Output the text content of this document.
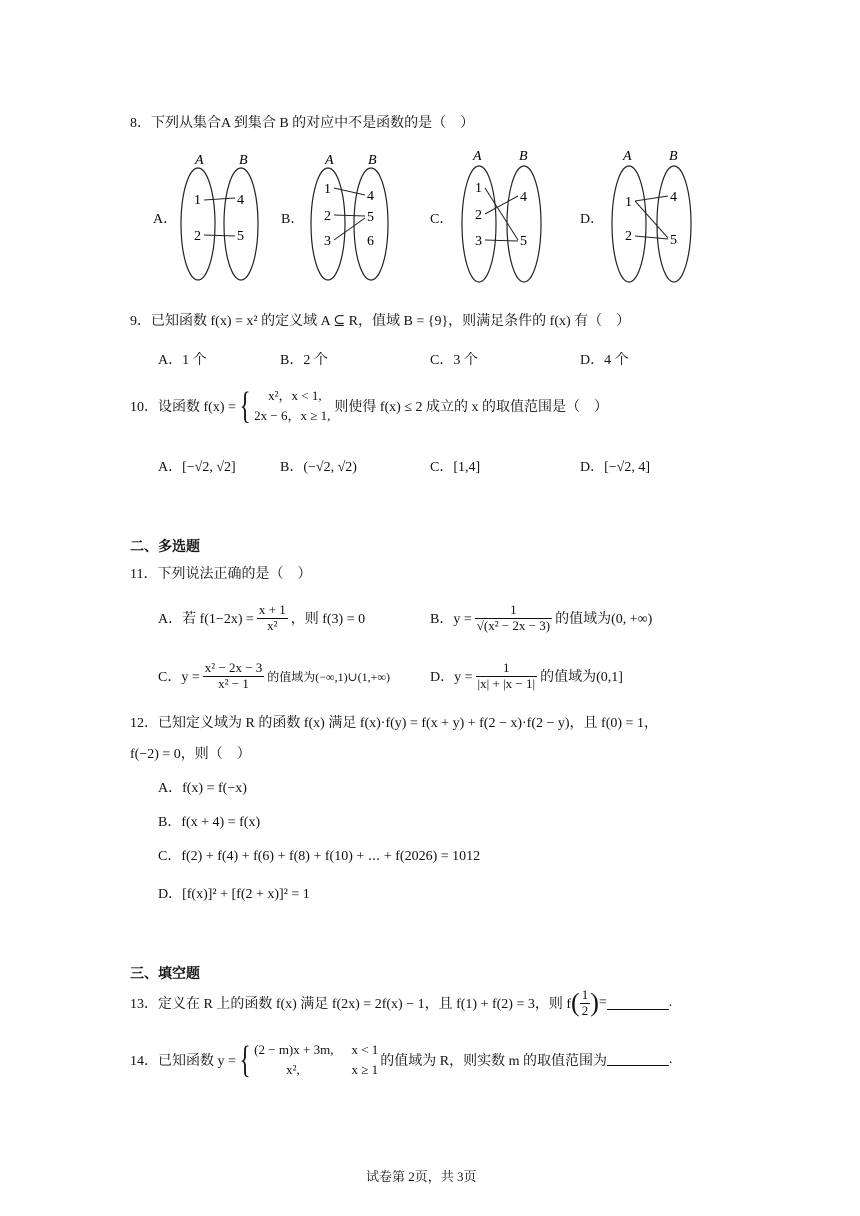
8．下列从集合A 到集合 B 的对应中不是函数的是（　）
A．	B．	C．	D．
A	B
1
2
4
5
A B
1
2
3
4
5
6
A	B
1
2
3
4
5
A	B
1
2
4
5
9．已知函数 f(x) = x² 的定义域 A ⊆ R，值域 B = {9}，则满足条件的 f(x) 有（　）
A．1 个	B．2 个	C．3 个	D．4 个
10．设函数 f(x) = {	x²，x < 1,
2x − 6，x ≥ 1,
则使得 f(x) ≤ 2 成立的 x 的取值范围是（　）
A．[−√2, √2]	B．(−√2, √2)	C．[1,4]	D．[−√2, 4]
二、多选题
11．下列说法正确的是（　）
A．若 $f(1-2x) = \frac{x + 1}{\text{x²}}$ ，则 f(3) = 0	B．$y = \frac{1}{\text{√(x² − 2x − 3)}}$ 的值域为(0, +∞)
C．$y = \frac{\text{x² − 2x − 3}}{\text{x² − 1}}$ 的值域为(−∞,1)∪(1,+∞)	D．$y = \frac{1}{|x| + |x - 1|}$ 的值域为(0,1]
12．已知定义域为 R 的函数 f(x) 满足 f(x)·f(y) = f(x + y) + f(2 − x)·f(2 − y)，且 f(0) = 1，
f(−2) = 0，则（　）
A．f(x) = f(−x)
B．f(x + 4) = f(x)
C．f(2) + f(4) + f(6) + f(8) + f(10) + ⋯ + f(2026) = 1012
D．[f(x)]² + [f(2 + x)]² = 1
三、填空题
13．定义在 R 上的函数 f(x) 满足 f(2x) = 2f(x) − 1，且 f(1) + f(2) = 3，则 f ( $\frac{1}{2}$ ) =	.
14．已知函数 y = { (2 − m)x + 3m, x < 1
x²,	x ≥ 1
的值域为 R，则实数 m 的取值范围为	.
试卷第 2页，共 3页
